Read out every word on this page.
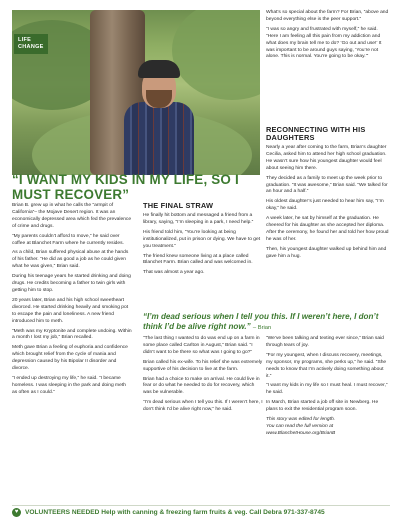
LIFE
CHANGE
“I WANT MY KIDS IN MY LIFE, SO I MUST RECOVER”

Brian B. grew up in what he calls the “armpit of California”– the Mojave Desert region. It was an economically depressed area which fed the prevalence of crime and drugs.

“My parents couldn’t afford to move,” he said over coffee at Blanchet Farm where he currently resides.

As a child, Brian suffered physical abuse at the hands of his father. “He did as good a job as he could given what he was given,” Brian said.

During his teenage years he started drinking and doing drugs. He credits becoming a father to twin girls with getting him to stop.

20 years later, Brian and his high school sweetheart divorced. He started drinking heavily and smoking pot to escape the pain and loneliness. A new friend introduced him to meth.

“Meth was my Kryptonite and complete undoing. Within a month I lost my job,” Brian recalled.

Meth gave Brian a feeling of euphoria and confidence which brought relief from the cycle of mania and depression caused by his Bipolar II disorder and divorce.

“I ended up destroying my life,” he said. “I became homeless. I was sleeping in the park and doing meth as often as I could.”

THE FINAL STRAW

He finally hit bottom and messaged a friend from a library, saying, “I’m sleeping in a park, I need help.”

His friend told him, “You’re looking at being institutionalized, put in prison or dying. We have to get you treatment.”

The friend knew someone living at a place called Blanchet Farm. Brian called and was welcomed in.

That was almost a year ago.

What’s so special about the farm? For Brian, “above and beyond everything else is the peer support.”

“I was so angry and frustrated with myself,” he said. “Here I am feeling all this pain from my addiction and what does my brain tell me to do? ‘Go out and use!’ It was important to be around guys saying, ‘You’re not alone. This is normal. You’re going to be okay.’”

RECONNECTING WITH HIS DAUGHTERS

Nearly a year after coming to the farm, Brian’s daughter Cecilia, asked him to attend her high school graduation. He wasn’t sure how his youngest daughter would feel about seeing him there.

They decided as a family to meet up the week prior to graduation. “It was awesome,” Brian said. “We talked for an hour and a half.”

His oldest daughter’s just needed to hear him say, “I’m okay,” he said.

A week later, he sat by himself at the graduation. He cheered for his daughter as she accepted her diploma. After the ceremony, he found her and told her how proud he was of her.

Then, his youngest daughter walked up behind him and gave him a hug.

“I’m dead serious when I tell you this. If I weren’t here, I don’t think I’d be alive right now.” – Brian

“The last thing I wanted to do was end up on a farm in some place called Carlton in August,” Brian said. “I didn’t want to be there so what was I going to go?”

Brian called his ex-wife. To his relief she was extremely supportive of his decision to live at the farm.

Brian had a choice to make on arrival. He could live in fear or do what he needed to do for recovery, which was be vulnerable.

“I’m dead serious when I tell you this. If I weren’t here, I don’t think I’d be alive right now,” he said.

“We’ve been talking and texting ever since,” Brian said through tears of joy.

“For my youngest, when I discuss recovery, meetings, my sponsor, my programs, she perks up,” he said. “She needs to know that I’m actively doing something about it.”

“I want my kids in my life so I must heal. I must recover,” he said.

In March, Brian started a job off site in Newberg. He plans to exit the residential program soon.

This story was edited for length.
You can read the full version at
www.BlanchetHouse.org/BrianB

♥	VOLUNTEERS NEEDED Help with canning & freezing farm fruits & veg. Call Debra 971-337-8745
